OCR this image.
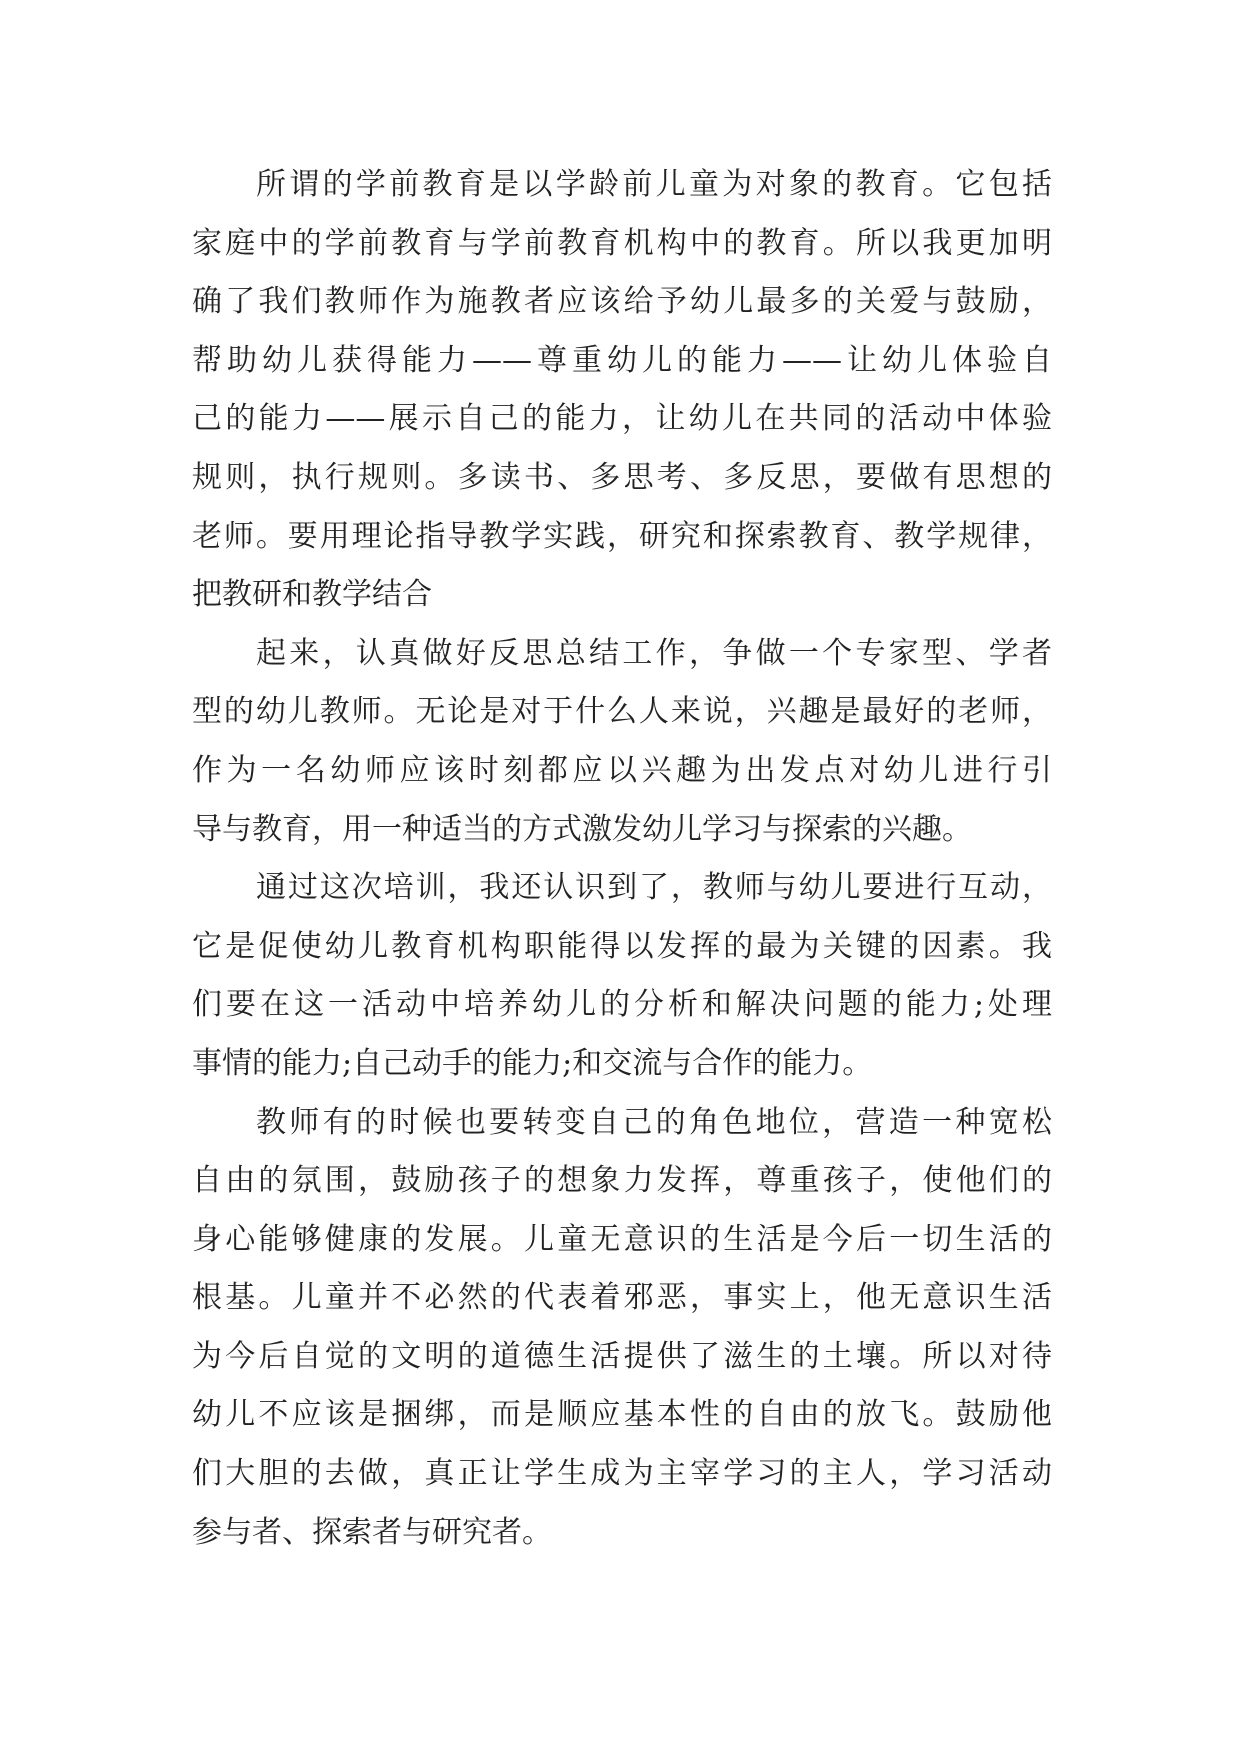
所谓的学前教育是以学龄前儿童为对象的教育。它包括
家庭中的学前教育与学前教育机构中的教育。所以我更加明
确了我们教师作为施教者应该给予幼儿最多的关爱与鼓励，
帮助幼儿获得能力——尊重幼儿的能力——让幼儿体验自
己的能力——展示自己的能力，让幼儿在共同的活动中体验
规则，执行规则。多读书、多思考、多反思，要做有思想的
老师。要用理论指导教学实践，研究和探索教育、教学规律，
把教研和教学结合

起来，认真做好反思总结工作，争做一个专家型、学者
型的幼儿教师。无论是对于什么人来说，兴趣是最好的老师，
作为一名幼师应该时刻都应以兴趣为出发点对幼儿进行引
导与教育，用一种适当的方式激发幼儿学习与探索的兴趣。

通过这次培训，我还认识到了，教师与幼儿要进行互动，
它是促使幼儿教育机构职能得以发挥的最为关键的因素。我
们要在这一活动中培养幼儿的分析和解决问题的能力;处理
事情的能力;自己动手的能力;和交流与合作的能力。

教师有的时候也要转变自己的角色地位，营造一种宽松
自由的氛围，鼓励孩子的想象力发挥，尊重孩子，使他们的
身心能够健康的发展。儿童无意识的生活是今后一切生活的
根基。儿童并不必然的代表着邪恶，事实上，他无意识生活
为今后自觉的文明的道德生活提供了滋生的土壤。所以对待
幼儿不应该是捆绑，而是顺应基本性的自由的放飞。鼓励他
们大胆的去做，真正让学生成为主宰学习的主人，学习活动
参与者、探索者与研究者。
